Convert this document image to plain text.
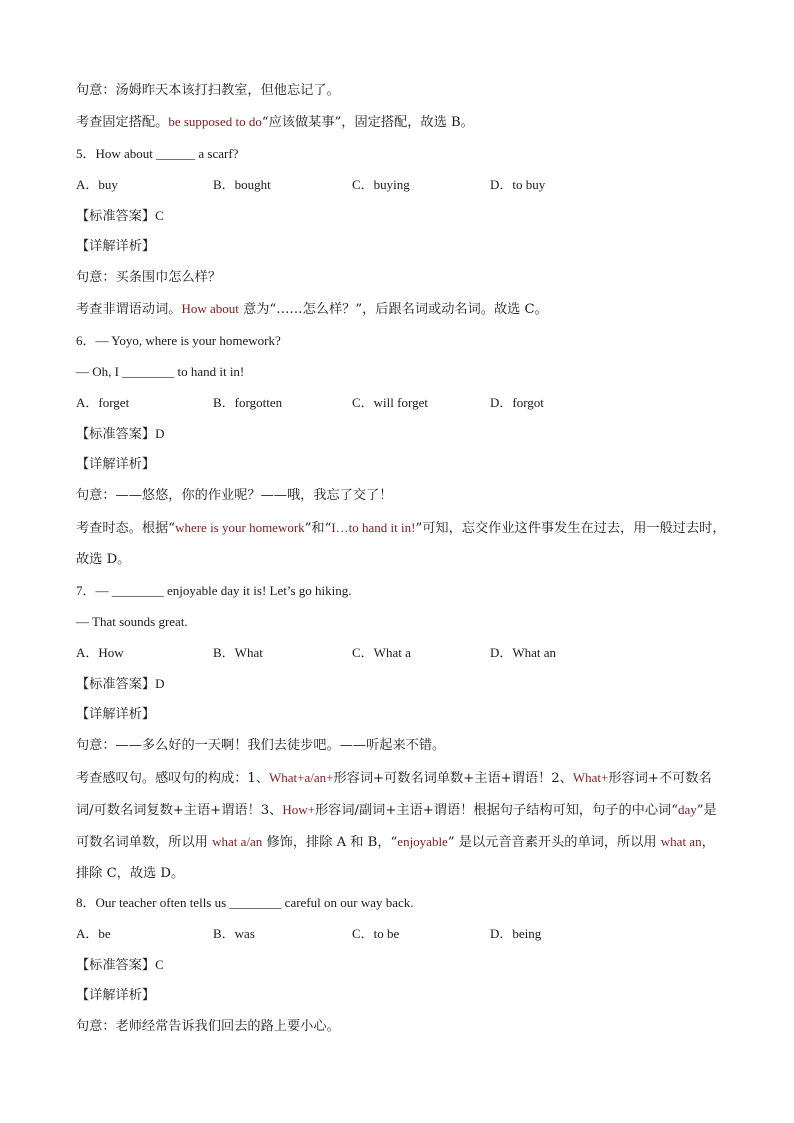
句意：汤姆昨天本该打扫教室，但他忘记了。
考查固定搭配。be supposed to do“应该做某事”，固定搭配，故选 B。
5．How about ______ a scarf?
A．buy	B．bought	C．buying	D．to buy
【标准答案】C
【详解详析】
句意：买条围巾怎么样？
考查非谓语动词。How about 意为“……怎么样？”，后跟名词或动名词。故选 C。
6．— Yoyo, where is your homework?
— Oh, I ________ to hand it in!
A．forget	B．forgotten	C．will forget	D．forgot
【标准答案】D
【详解详析】
句意：——悠悠，你的作业呢？——哦，我忘了交了！
考查时态。根据“where is your homework”和“I…to hand it in!”可知，忘交作业这件事发生在过去，用一般过去时，故选 D。
7．— ________ enjoyable day it is! Let’s go hiking.
— That sounds great.
A．How	B．What	C．What a	D．What an
【标准答案】D
【详解详析】
句意：——多么好的一天啊！我们去徒步吧。——听起来不错。
考查感叹句。感叹句的构成：1、What+a/an+形容词+可数名词单数+主语+谓语！2、What+形容词+不可数名词/可数名词复数+主语+谓语！3、How+形容词/副词+主语+谓语！根据句子结构可知，句子的中心词“day”是可数名词单数，所以用 what a/an 修饰，排除 A 和 B，“enjoyable” 是以元音音素开头的单词，所以用 what an，排除 C，故选 D。
8．Our teacher often tells us ________ careful on our way back.
A．be	B．was	C．to be	D．being
【标准答案】C
【详解详析】
句意：老师经常告诉我们回去的路上要小心。
